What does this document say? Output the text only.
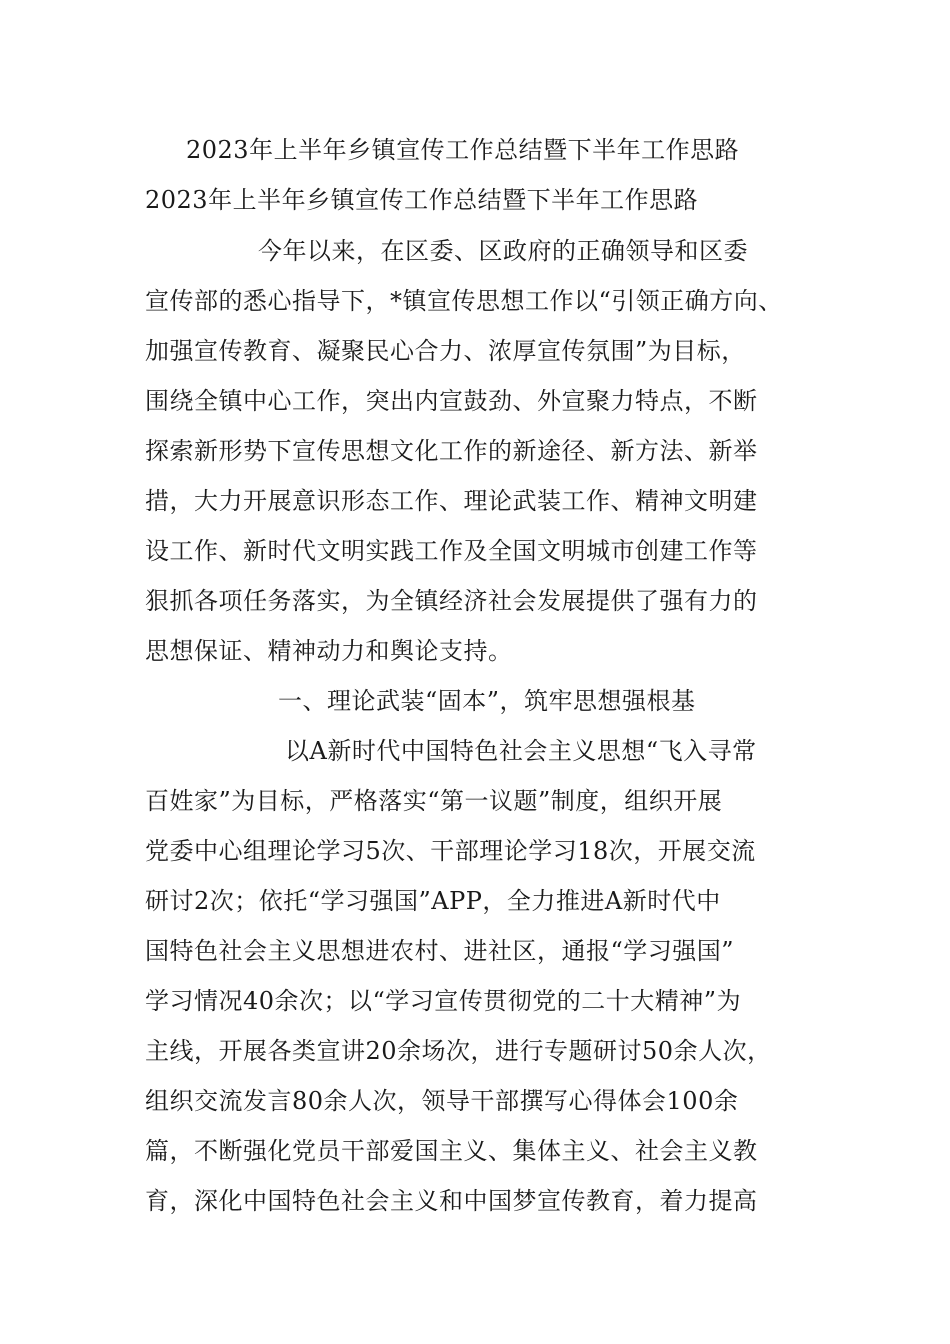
2023年上半年乡镇宣传工作总结暨下半年工作思路
2023年上半年乡镇宣传工作总结暨下半年工作思路
今年以来，在区委、区政府的正确领导和区委
宣传部的悉心指导下，*镇宣传思想工作以“引领正确方向、
加强宣传教育、凝聚民心合力、浓厚宣传氛围”为目标，
围绕全镇中心工作，突出内宣鼓劲、外宣聚力特点，不断
探索新形势下宣传思想文化工作的新途径、新方法、新举
措，大力开展意识形态工作、理论武装工作、精神文明建
设工作、新时代文明实践工作及全国文明城市创建工作等
狠抓各项任务落实，为全镇经济社会发展提供了强有力的
思想保证、精神动力和舆论支持。
一、理论武装“固本”，筑牢思想强根基
以A新时代中国特色社会主义思想“飞入寻常
百姓家”为目标，严格落实“第一议题”制度，组织开展
党委中心组理论学习5次、干部理论学习18次，开展交流
研讨2次；依托“学习强国”APP，全力推进A新时代中
国特色社会主义思想进农村、进社区，通报“学习强国”
学习情况40余次；以“学习宣传贯彻党的二十大精神”为
主线，开展各类宣讲20余场次，进行专题研讨50余人次，
组织交流发言80余人次，领导干部撰写心得体会100余
篇，不断强化党员干部爱国主义、集体主义、社会主义教
育，深化中国特色社会主义和中国梦宣传教育，着力提高
